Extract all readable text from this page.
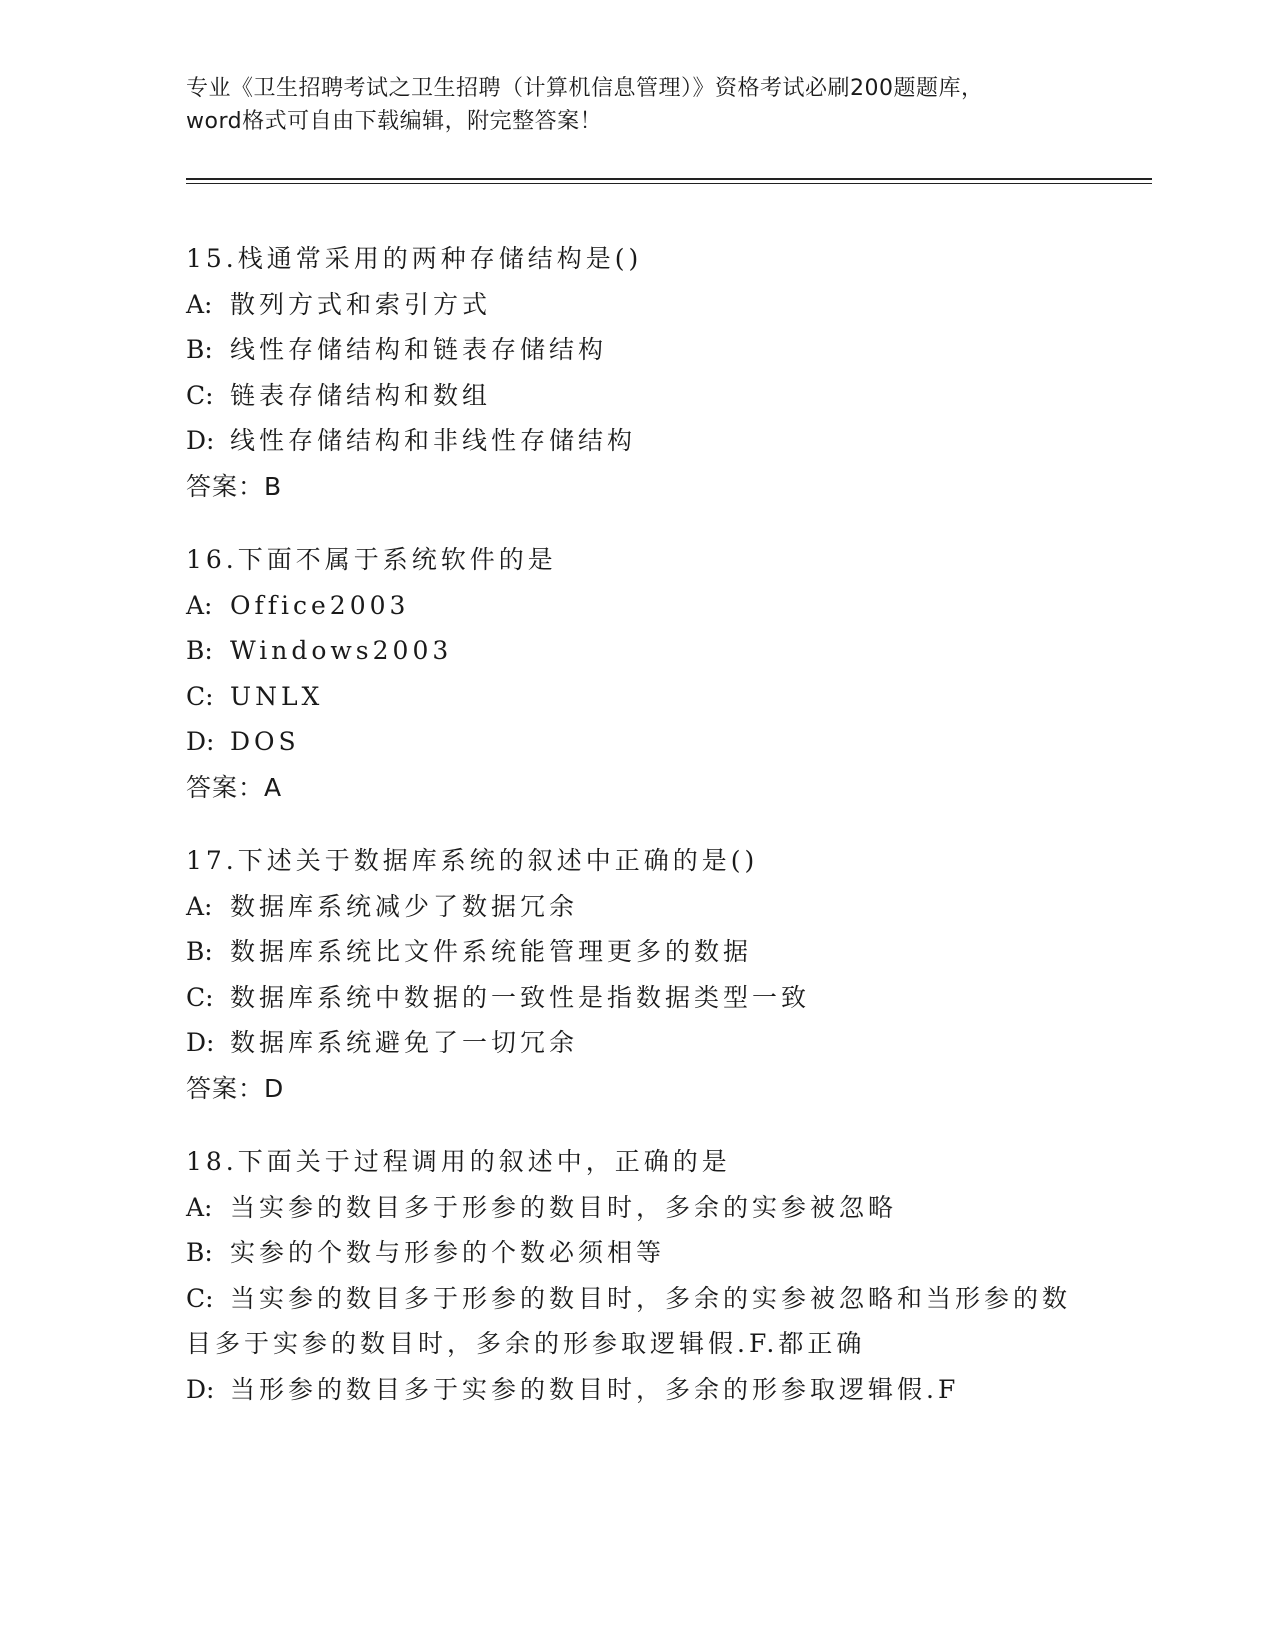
专业《卫生招聘考试之卫生招聘（计算机信息管理）》资格考试必刷200题题库，
word格式可自由下载编辑，附完整答案！
15.栈通常采用的两种存储结构是()
A: 散列方式和索引方式
B: 线性存储结构和链表存储结构
C: 链表存储结构和数组
D: 线性存储结构和非线性存储结构
答案：B
16.下面不属于系统软件的是
A: Office2003
B: Windows2003
C: UNLX
D: DOS
答案：A
17.下述关于数据库系统的叙述中正确的是()
A: 数据库系统减少了数据冗余
B: 数据库系统比文件系统能管理更多的数据
C: 数据库系统中数据的一致性是指数据类型一致
D: 数据库系统避免了一切冗余
答案：D
18.下面关于过程调用的叙述中，正确的是
A: 当实参的数目多于形参的数目时，多余的实参被忽略
B: 实参的个数与形参的个数必须相等
C: 当实参的数目多于形参的数目时，多余的实参被忽略和当形参的数
目多于实参的数目时，多余的形参取逻辑假.F.都正确
D: 当形参的数目多于实参的数目时，多余的形参取逻辑假.F
